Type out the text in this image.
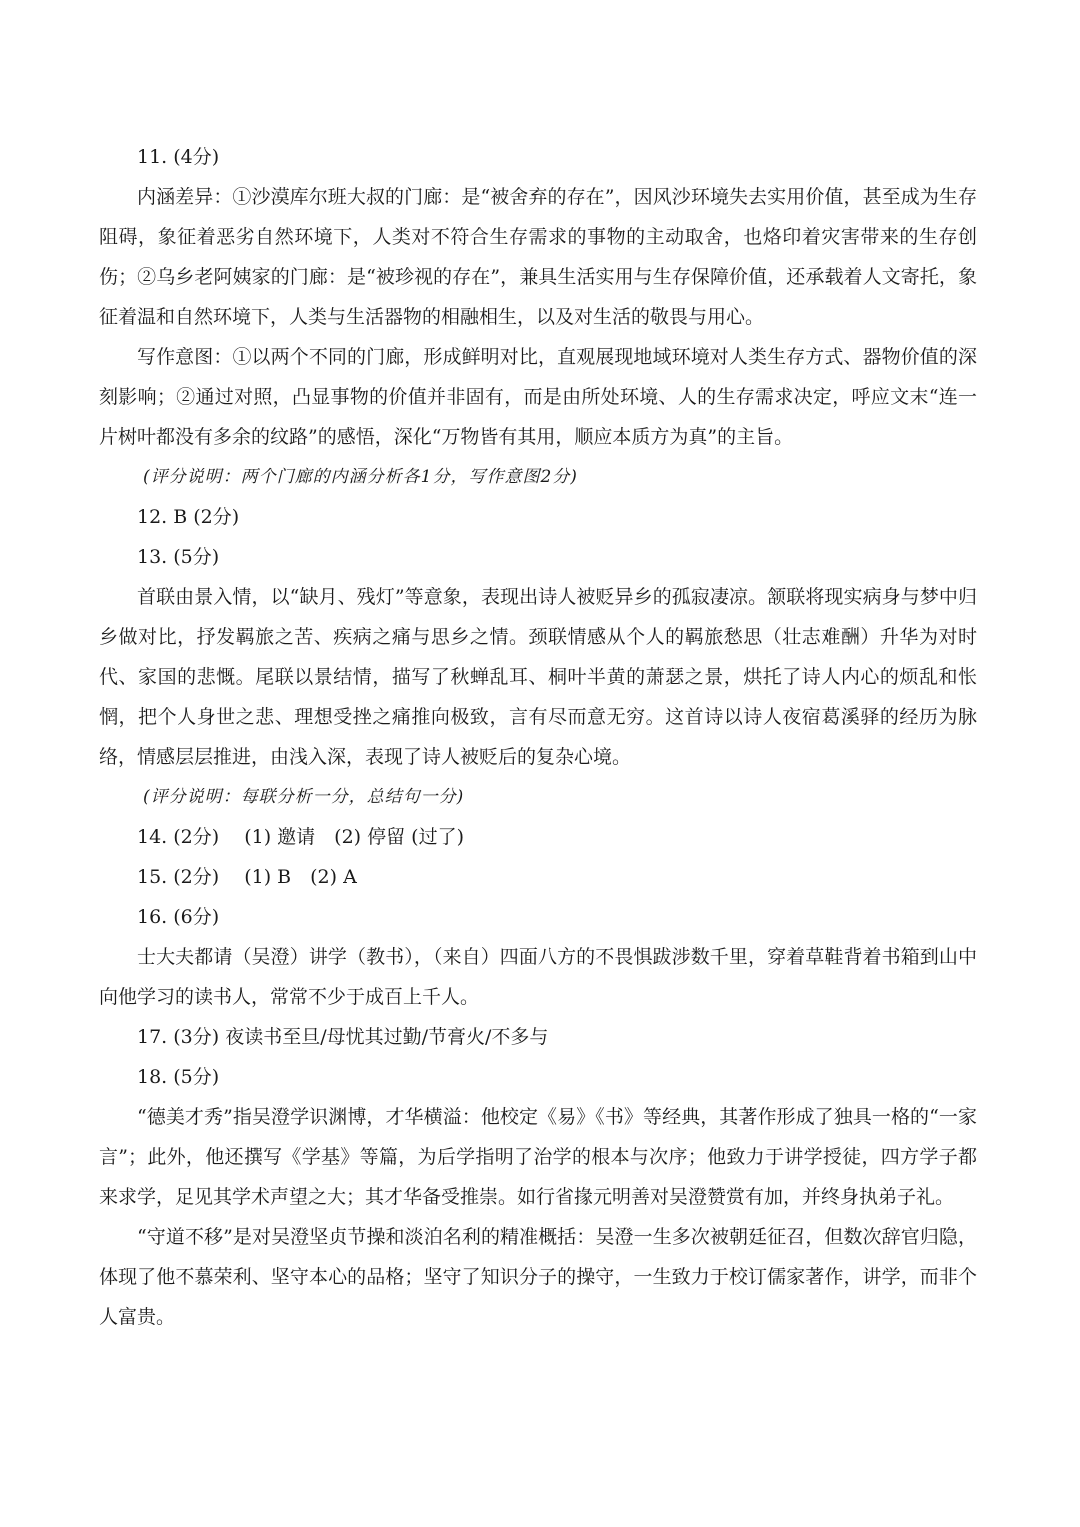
11. (4分)

内涵差异：①沙漠库尔班大叔的门廊：是“被舍弃的存在”，因风沙环境失去实用价值，甚至成为生存阻碍，象征着恶劣自然环境下，人类对不符合生存需求的事物的主动取舍，也烙印着灾害带来的生存创伤；②乌乡老阿姨家的门廊：是“被珍视的存在”，兼具生活实用与生存保障价值，还承载着人文寄托，象征着温和自然环境下，人类与生活器物的相融相生，以及对生活的敬畏与用心。

写作意图：①以两个不同的门廊，形成鲜明对比，直观展现地域环境对人类生存方式、器物价值的深刻影响；②通过对照，凸显事物的价值并非固有，而是由所处环境、人的生存需求决定，呼应文末“连一片树叶都没有多余的纹路”的感悟，深化“万物皆有其用，顺应本质方为真”的主旨。

(评分说明：两个门廊的内涵分析各1分，写作意图2分)
12. B (2分)
13. (5分)

首联由景入情，以“缺月、残灯”等意象，表现出诗人被贬异乡的孤寂凄凉。颔联将现实病身与梦中归乡做对比，抒发羁旅之苦、疾病之痛与思乡之情。颈联情感从个人的羁旅愁思（壮志难酬）升华为对时代、家国的悲慨。尾联以景结情，描写了秋蝉乱耳、桐叶半黄的萧瑟之景，烘托了诗人内心的烦乱和怅惘，把个人身世之悲、理想受挫之痛推向极致，言有尽而意无穷。这首诗以诗人夜宿葛溪驿的经历为脉络，情感层层推进，由浅入深，表现了诗人被贬后的复杂心境。

(评分说明：每联分析一分，总结句一分)
14. (2分)　 (1) 邀请　(2) 停留 (过了)
15. (2分)　 (1) B　(2) A
16. (6分)

士大夫都请（吴澄）讲学（教书），（来自）四面八方的不畏惧跋涉数千里，穿着草鞋背着书箱到山中向他学习的读书人，常常不少于成百上千人。

17. (3分) 夜读书至旦/母忧其过勤/节膏火/不多与
18. (5分)

“德美才秀”指吴澄学识渊博，才华横溢：他校定《易》《书》等经典，其著作形成了独具一格的“一家言”；此外，他还撰写《学基》等篇，为后学指明了治学的根本与次序；他致力于讲学授徒，四方学子都来求学，足见其学术声望之大；其才华备受推崇。如行省掾元明善对吴澄赞赏有加，并终身执弟子礼。

“守道不移”是对吴澄坚贞节操和淡泊名利的精准概括：吴澄一生多次被朝廷征召，但数次辞官归隐，体现了他不慕荣利、坚守本心的品格；坚守了知识分子的操守，一生致力于校订儒家著作，讲学，而非个人富贵。
